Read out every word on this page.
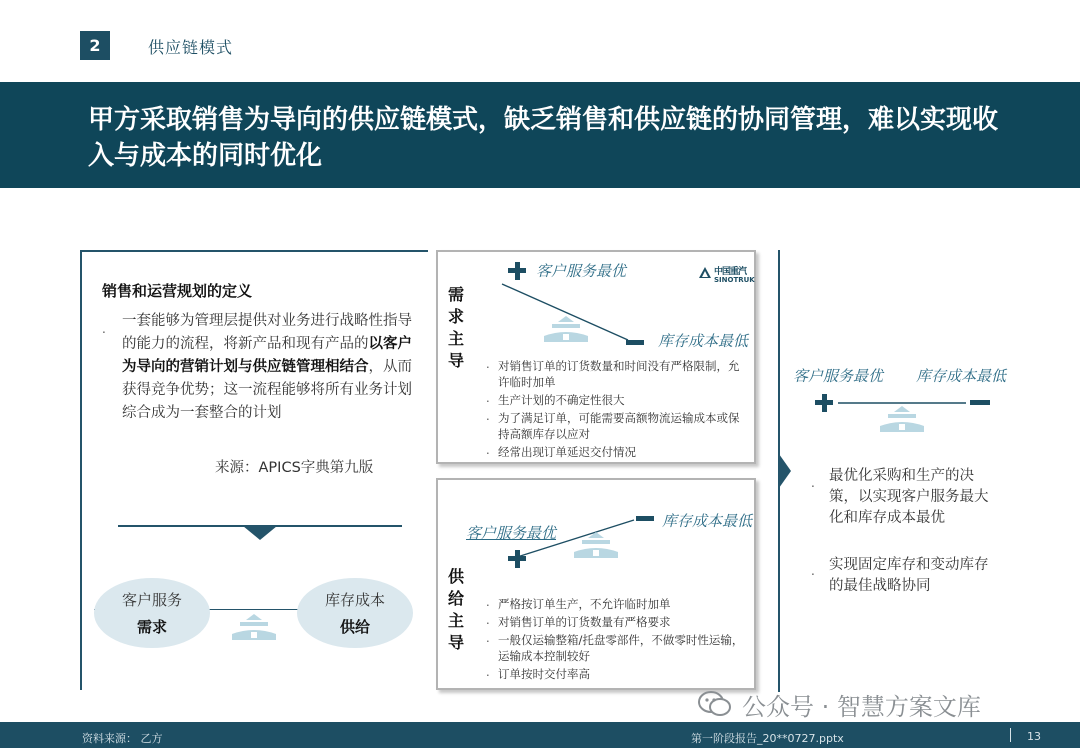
2	供应链模式
甲方采取销售为导向的供应链模式，缺乏销售和供应链的协同管理，难以实现收入与成本的同时优化
销售和运营规划的定义
. 一套能够为管理层提供对业务进行战略性指导的能力的流程，将新产品和现有产品的以客户为导向的营销计划与供应链管理相结合，从而获得竞争优势；这一流程能够将所有业务计划综合成为一套整合的计划
来源：APICS字典第九版
客户服务
需求
库存成本
供给
需求主导
客户服务最优
库存成本最低
中国重汽
SINOTRUK
. 对销售订单的订货数量和时间没有严格限制，允许临时加单
. 生产计划的不确定性很大
. 为了满足订单，可能需要高额物流运输成本或保持高额库存以应对
. 经常出现订单延迟交付情况
供给主导
库存成本最低
客户服务最优
. 严格按订单生产，不允许临时加单
. 对销售订单的订货数量有严格要求
. 一般仅运输整箱/托盘零部件，不做零时性运输，运输成本控制较好
. 订单按时交付率高
客户服务最优 库存成本最低
. 最优化采购和生产的决策，以实现客户服务最大化和库存成本最优
. 实现固定库存和变动库存的最佳战略协同
公众号 · 智慧方案文库
资料来源： 乙方	第一阶段报告_20**0727.pptx	13
